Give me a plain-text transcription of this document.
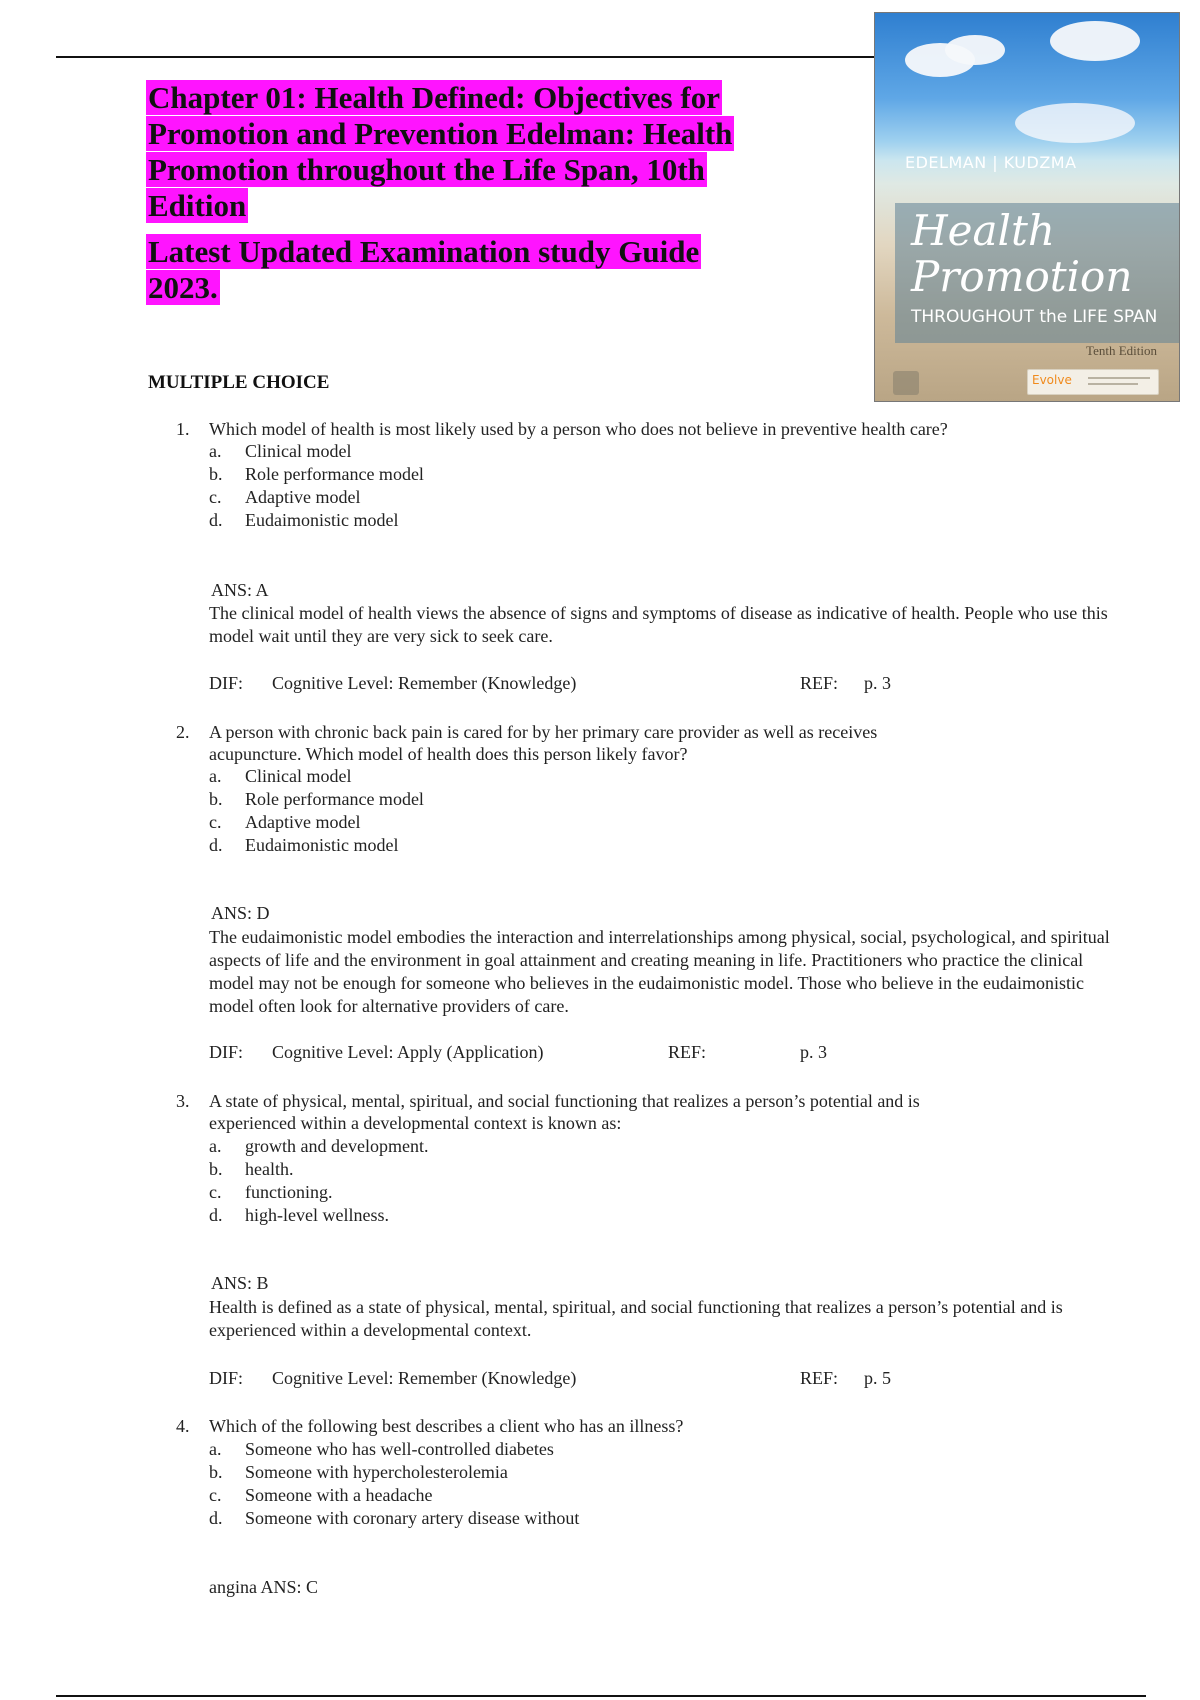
Chapter 01: Health Defined: Objectives for Promotion and Prevention Edelman: Health Promotion throughout the Life Span, 10th Edition

Latest Updated Examination study Guide 2023.

EDELMAN | KUDZMA
Health Promotion
THROUGHOUT the LIFE SPAN
Tenth Edition
Evolve
MULTIPLE CHOICE
1. Which model of health is most likely used by a person who does not believe in preventive health care?
a. Clinical model
b. Role performance model
c. Adaptive model
d. Eudaimonistic model
ANS: A
The clinical model of health views the absence of signs and symptoms of disease as indicative of health. People who use this model wait until they are very sick to seek care.
DIF: Cognitive Level: Remember (Knowledge)	REF: p. 3
2. A person with chronic back pain is cared for by her primary care provider as well as receives acupuncture. Which model of health does this person likely favor?
a. Clinical model
b. Role performance model
c. Adaptive model
d. Eudaimonistic model
ANS: D
The eudaimonistic model embodies the interaction and interrelationships among physical, social, psychological, and spiritual aspects of life and the environment in goal attainment and creating meaning in life. Practitioners who practice the clinical model may not be enough for someone who believes in the eudaimonistic model. Those who believe in the eudaimonistic model often look for alternative providers of care.
DIF: Cognitive Level: Apply (Application)	REF:	p. 3
3. A state of physical, mental, spiritual, and social functioning that realizes a person’s potential and is experienced within a developmental context is known as:
a. growth and development.
b. health.
c. functioning.
d. high-level wellness.
ANS: B
Health is defined as a state of physical, mental, spiritual, and social functioning that realizes a person’s potential and is experienced within a developmental context.
DIF: Cognitive Level: Remember (Knowledge)	REF: p. 5
4. Which of the following best describes a client who has an illness?
a. Someone who has well-controlled diabetes
b. Someone with hypercholesterolemia
c. Someone with a headache
d. Someone with coronary artery disease without
angina ANS: C
